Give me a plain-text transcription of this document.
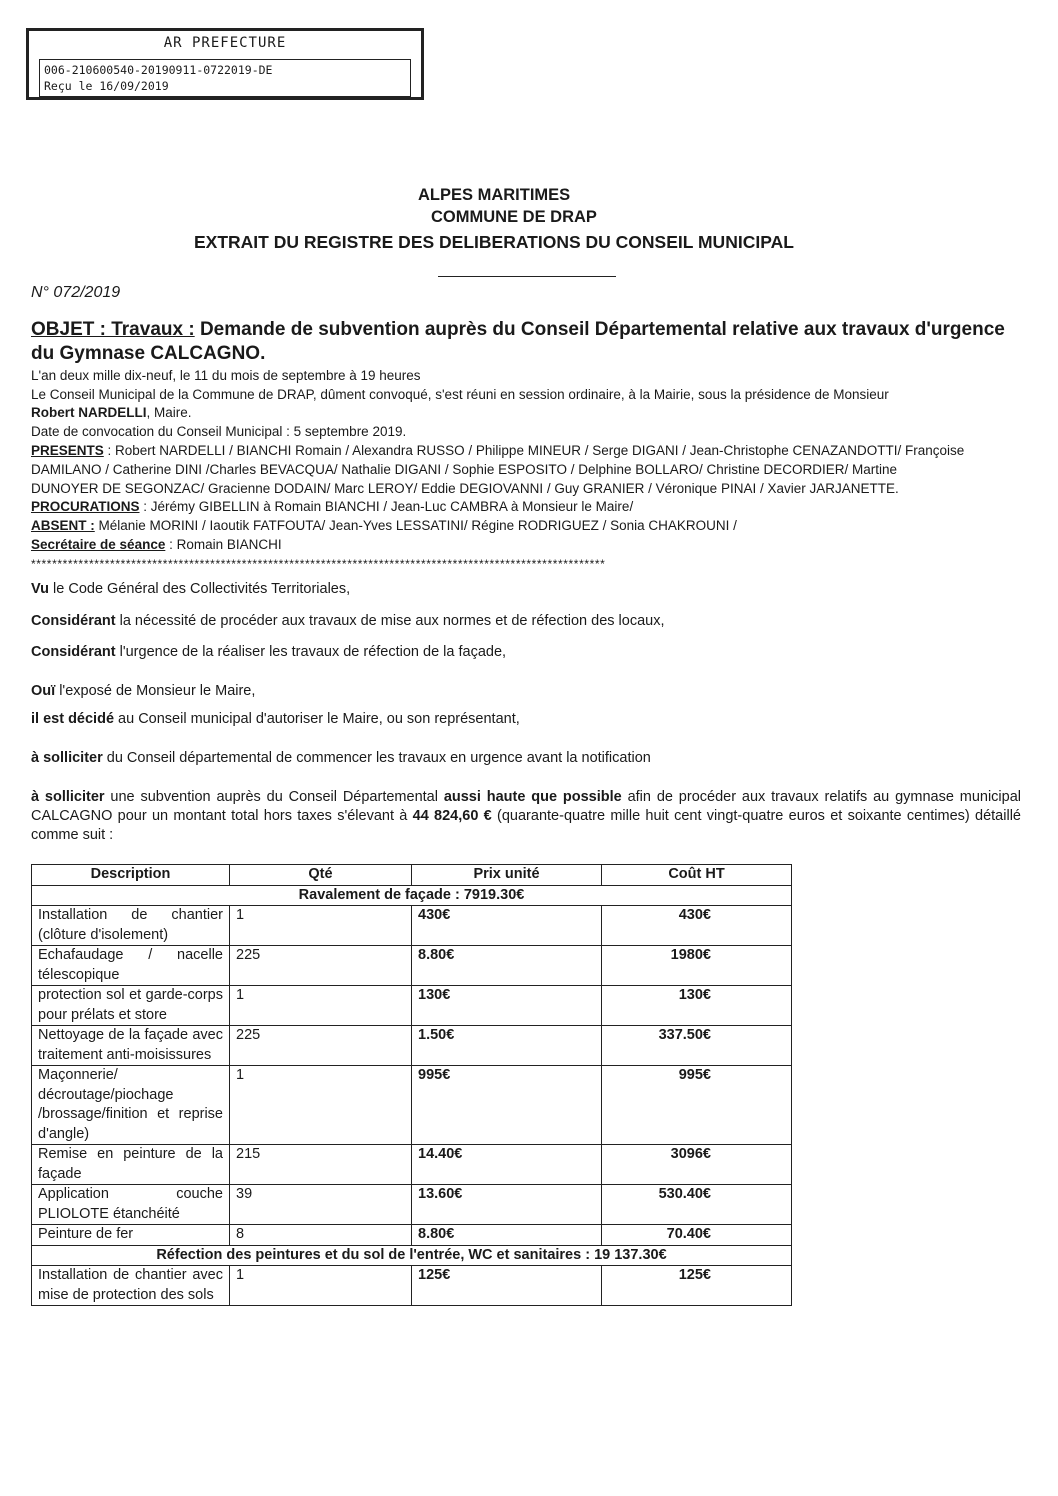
AR PREFECTURE
006-210600540-20190911-0722019-DE
Reçu le 16/09/2019
ALPES MARITIMES
COMMUNE DE DRAP
EXTRAIT DU REGISTRE DES DELIBERATIONS DU CONSEIL MUNICIPAL
N° 072/2019
OBJET : Travaux : Demande de subvention auprès du Conseil Départemental relative aux travaux d'urgence du Gymnase CALCAGNO.
L'an deux mille dix-neuf, le 11 du mois de septembre à 19 heures
Le Conseil Municipal de la Commune de DRAP, dûment convoqué, s'est réuni en session ordinaire, à la Mairie, sous la présidence de Monsieur
Robert NARDELLI, Maire.
Date de convocation du Conseil Municipal : 5 septembre 2019.
PRESENTS : Robert NARDELLI / BIANCHI Romain / Alexandra RUSSO / Philippe MINEUR / Serge DIGANI / Jean-Christophe CENAZANDOTTI/ Françoise
DAMILANO / Catherine DINI /Charles BEVACQUA/ Nathalie DIGANI / Sophie ESPOSITO / Delphine BOLLARO/ Christine DECORDIER/ Martine
DUNOYER DE SEGONZAC/ Gracienne DODAIN/ Marc LEROY/ Eddie DEGIOVANNI / Guy GRANIER / Véronique PINAI / Xavier JARJANETTE.
PROCURATIONS : Jérémy GIBELLIN à Romain BIANCHI / Jean-Luc CAMBRA à Monsieur le Maire/
ABSENT : Mélanie MORINI / Iaoutik FATFOUTA/ Jean-Yves LESSATINI/ Régine RODRIGUEZ / Sonia CHAKROUNI /
Secrétaire de séance : Romain BIANCHI
*************************************************************************************************************
Vu le Code Général des Collectivités Territoriales,
Considérant la nécessité de procéder aux travaux de mise aux normes et de réfection des locaux,
Considérant l'urgence de la réaliser les travaux de réfection de la façade,
Ouï l'exposé de Monsieur le Maire,
il est décidé au Conseil municipal d'autoriser le Maire, ou son représentant,
à solliciter du Conseil départemental de commencer les travaux en urgence avant la notification
à solliciter une subvention auprès du Conseil Départemental aussi haute que possible afin de procéder aux travaux relatifs au gymnase municipal CALCAGNO pour un montant total hors taxes s'élevant à 44 824,60 € (quarante-quatre mille huit cent vingt-quatre euros et soixante centimes) détaillé comme suit :
Description	Qté	Prix unité	Coût HT
Ravalement de façade : 7919.30€			
Installation de chantier (clôture d'isolement)	1	430€	430€
Echafaudage / nacelle télescopique	225	8.80€	1980€
protection sol et garde-corps pour prélats et store	1	130€	130€
Nettoyage de la façade avec traitement anti-moisissures	225	1.50€	337.50€
Maçonnerie/ décroutage/piochage /brossage/finition et reprise d'angle)	1	995€	995€
Remise en peinture de la façade	215	14.40€	3096€
Application couche PLIOLOTE étanchéité	39	13.60€	530.40€
Peinture de fer	8	8.80€	70.40€
Réfection des peintures et du sol de l'entrée, WC et sanitaires : 19 137.30€			
Installation de chantier avec mise de protection des sols	1	125€	125€
